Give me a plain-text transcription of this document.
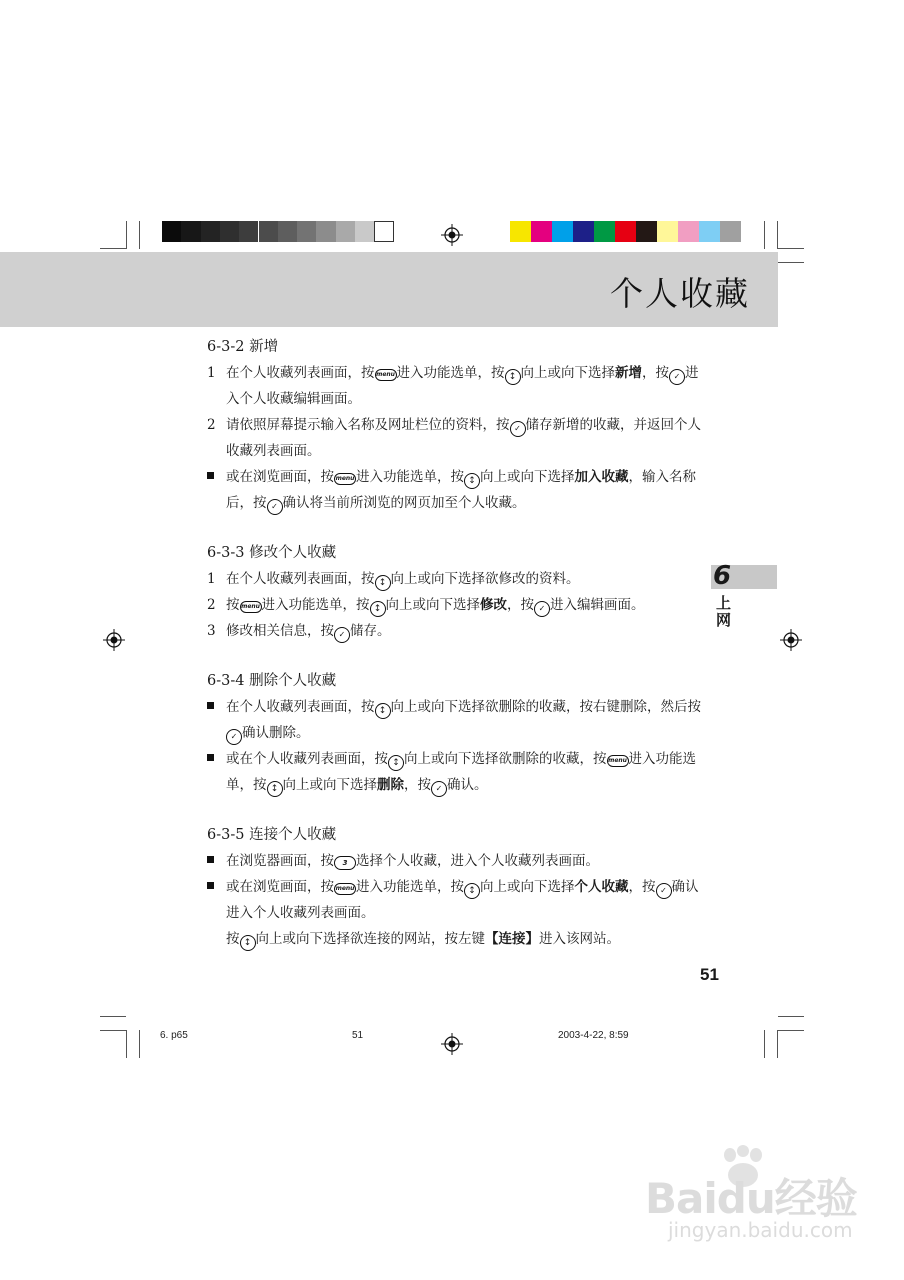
个人收藏
6-3-2 新增
1 在个人收藏列表画面，按 menu 进入功能选单，按 ↕ 向上或向下选择新增，按 ✓ 进入个人收藏编辑画面。
2 请依照屏幕提示输入名称及网址栏位的资料，按 ✓ 储存新增的收藏，并返回个人收藏列表画面。
或在浏览画面，按 menu 进入功能选单，按 ↕ 向上或向下选择加入收藏，输入名称后，按 ✓ 确认将当前所浏览的网页加至个人收藏。
6-3-3 修改个人收藏
1 在个人收藏列表画面，按 ↕ 向上或向下选择欲修改的资料。
2 按 menu 进入功能选单，按 ↕ 向上或向下选择修改，按 ✓ 进入编辑画面。
3 修改相关信息，按 ✓ 储存。
6-3-4 删除个人收藏
在个人收藏列表画面，按 ↕ 向上或向下选择欲删除的收藏，按右键删除，然后按✓ 确认删除。
或在个人收藏列表画面，按 ↕ 向上或向下选择欲删除的收藏，按 menu 进入功能选单，按 ↕ 向上或向下选择删除，按 ✓ 确认。
6-3-5 连接个人收藏
在浏览器画面，按 3 选择个人收藏，进入个人收藏列表画面。
或在浏览画面，按 menu 进入功能选单，按 ↕ 向上或向下选择个人收藏，按 ✓ 确认进入个人收藏列表画面。
按 ↕ 向上或向下选择欲连接的网站，按左键【连接】进入该网站。
6
上
网
51
6. p65	51	2003-4-22, 8:59
Baidu经验
jingyan.baidu.com
